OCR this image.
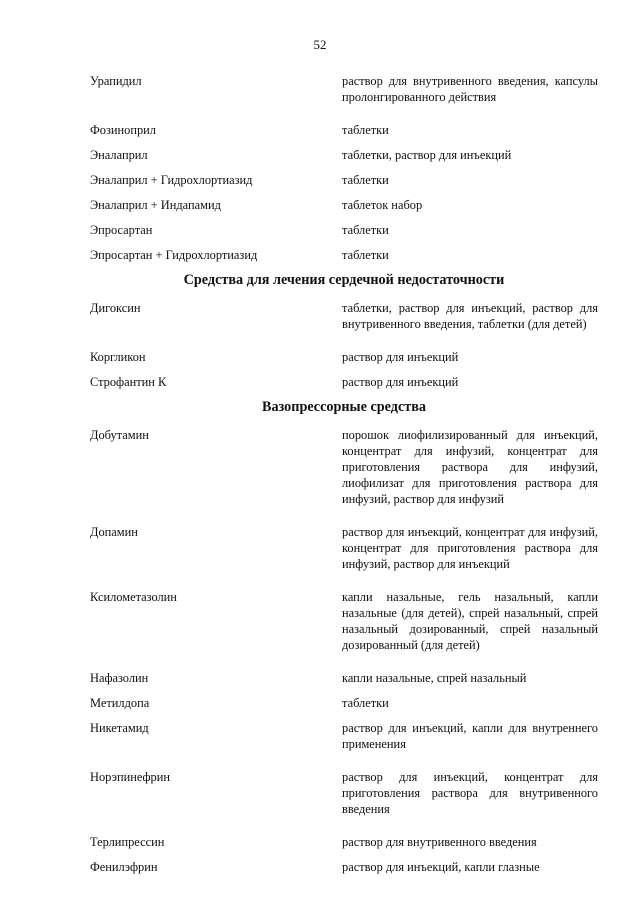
52
Урапидил	раствор для внутривенного введения, капсулы пролонгированного действия
Фозиноприл	таблетки
Эналаприл	таблетки, раствор для инъекций
Эналаприл + Гидрохлортиазид	таблетки
Эналаприл + Индапамид	таблеток набор
Эпросартан	таблетки
Эпросартан + Гидрохлортиазид	таблетки
Средства для лечения сердечной недостаточности
Дигоксин	таблетки, раствор для инъекций, раствор для внутривенного введения, таблетки (для детей)
Коргликон	раствор для инъекций
Строфантин К	раствор для инъекций
Вазопрессорные средства
Добутамин	порошок лиофилизированный для инъекций, концентрат для инфузий, концентрат для приготовления раствора для инфузий, лиофилизат для приготовления раствора для инфузий, раствор для инфузий
Допамин	раствор для инъекций, концентрат для инфузий, концентрат для приготовления раствора для инфузий, раствор для инъекций
Ксилометазолин	капли назальные, гель назальный, капли назальные (для детей), спрей назальный, спрей назальный дозированный, спрей назальный дозированный (для детей)
Нафазолин	капли назальные, спрей назальный
Метилдопа	таблетки
Никетамид	раствор для инъекций, капли для внутреннего применения
Норэпинефрин	раствор для инъекций, концентрат для приготовления раствора для внутривенного введения
Терлипрессин	раствор для внутривенного введения
Фенилэфрин	раствор для инъекций, капли глазные
